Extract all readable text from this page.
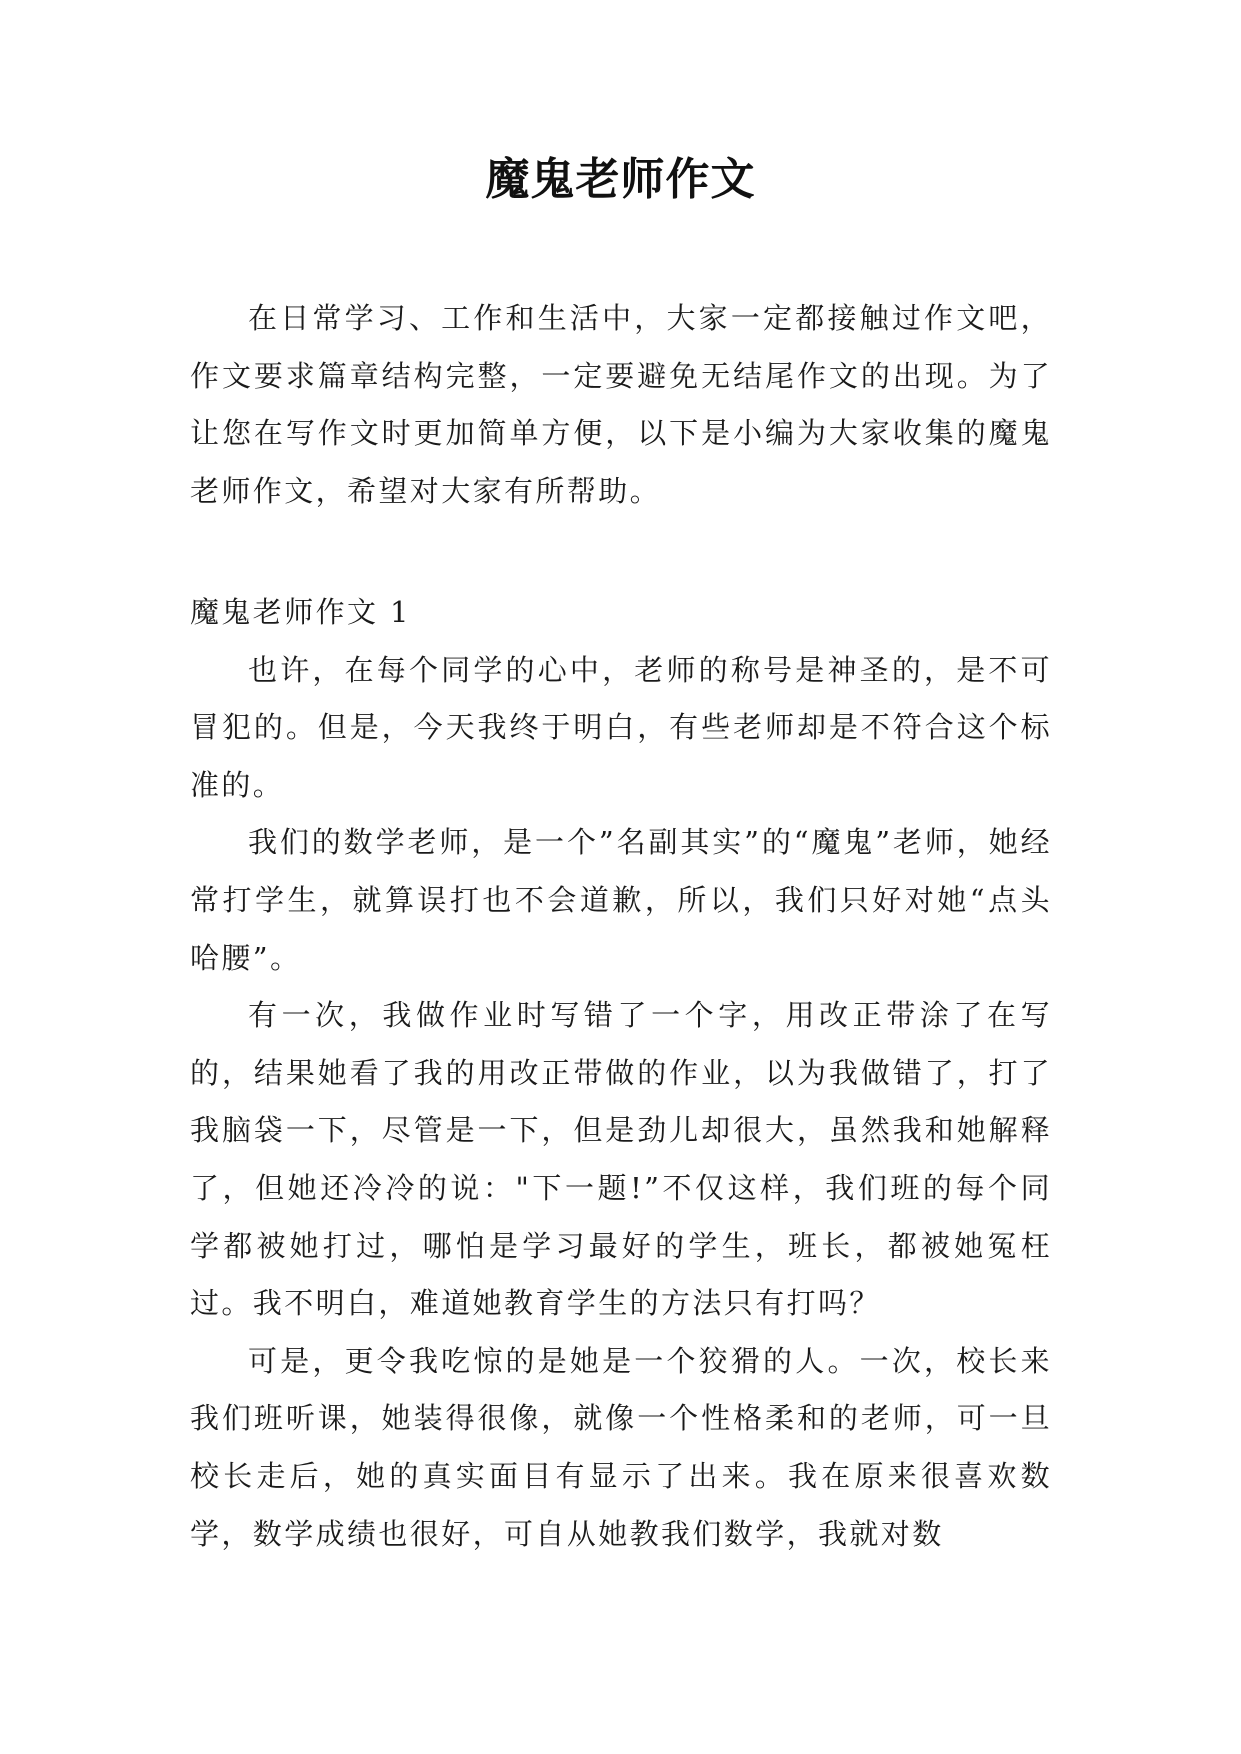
魔鬼老师作文

在日常学习、工作和生活中，大家一定都接触过作文吧，作文要求篇章结构完整，一定要避免无结尾作文的出现。为了让您在写作文时更加简单方便，以下是小编为大家收集的魔鬼老师作文，希望对大家有所帮助。

魔鬼老师作文 1

也许，在每个同学的心中，老师的称号是神圣的，是不可冒犯的。但是，今天我终于明白，有些老师却是不符合这个标准的。

我们的数学老师，是一个”名副其实”的“魔鬼”老师，她经常打学生，就算误打也不会道歉，所以，我们只好对她“点头哈腰”。

有一次，我做作业时写错了一个字，用改正带涂了在写的，结果她看了我的用改正带做的作业，以为我做错了，打了我脑袋一下，尽管是一下，但是劲儿却很大，虽然我和她解释了，但她还冷冷的说："下一题!”不仅这样，我们班的每个同学都被她打过，哪怕是学习最好的学生，班长，都被她冤枉过。我不明白，难道她教育学生的方法只有打吗？

可是，更令我吃惊的是她是一个狡猾的人。一次，校长来我们班听课，她装得很像，就像一个性格柔和的老师，可一旦校长走后，她的真实面目有显示了出来。我在原来很喜欢数学，数学成绩也很好，可自从她教我们数学，我就对数
